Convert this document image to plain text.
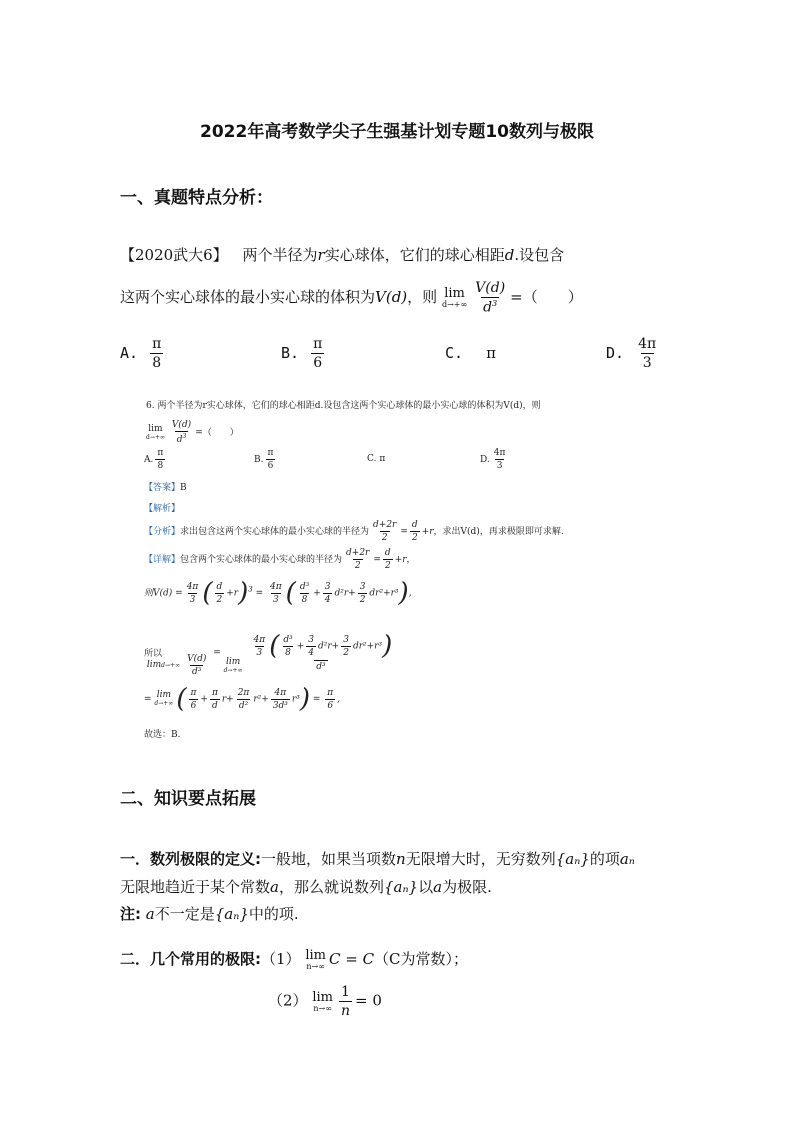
2022年高考数学尖子生强基计划专题10数列与极限
一、真题特点分析：
【2020武大6】 两个半径为r实心球体，它们的球心相距d.设包含
这两个实心球体的最小实心球的体积为V(d)，则 lim
$d\to+\infty \frac{V(d)}{d^3}$ =（　　）
A. $\frac{\pi}{8}$	B. $\frac{\pi}{6}$	C. π	D. $\frac{4\pi}{3}$
6. 两个半径为r实心球体，它们的球心相距d.设包含这两个实心球体的最小实心球的体积为V(d)，则
lim
$d\to+\infty \frac{V(d)}{d^3}$ =（　　）
A. $\frac{\pi}{8}$	B. $\frac{\pi}{6}$	C. π	D. $\frac{4\pi}{3}$
【答案】B
【解析】
【分析】求出包含这两个实心球体的最小实心球的半径为 $\frac{d+2r}{2} = \frac{d}{2} +r$，求出V(d)，再求极限即可求解.
【详解】包含两个实心球体的最小实心球的半径为 $\frac{d+2r}{2} = \frac{d}{2} +r$，
则$V(d) = \frac{4\pi}{3}$ ( $\frac{d}{2} +r)^3 = \frac{4\pi}{3}$ ( $\frac{\text{d³}}{8} + \frac{3}{4} d^2r+ \frac{3}{2} dr^2+r^3$),
所以
$\lim d\to+\infty \frac{V(d)}{\text{d³}}$
=
lim
$d\to+\infty \frac{\frac{4\pi}{3} ( \frac{\text{d³}}{8} + \frac{3}{4} d^2r+ \frac{3}{2} dr^2+r^3)}{\text{d³}}$
= lim
d→+∞ ( $\frac{\pi}{6} + \frac{\pi}{d} r+ \frac{2\pi}{\text{d²}} r^2+ \frac{4\pi}{\text{3d³}} r^3) = \frac{\pi}{6}$ ,
故选：B.
二、知识要点拓展
一．数列极限的定义:一般地，如果当项数n无限增大时，无穷数列{aₙ}的项aₙ
无限地趋近于某个常数a，那么就说数列{aₙ}以a为极限.
注: a不一定是{aₙ}中的项.
二．几个常用的极限:（1） lim
n→∞ C = C（C为常数）；
（2） lim
$n\to\infty \frac{1}{n} = 0$
